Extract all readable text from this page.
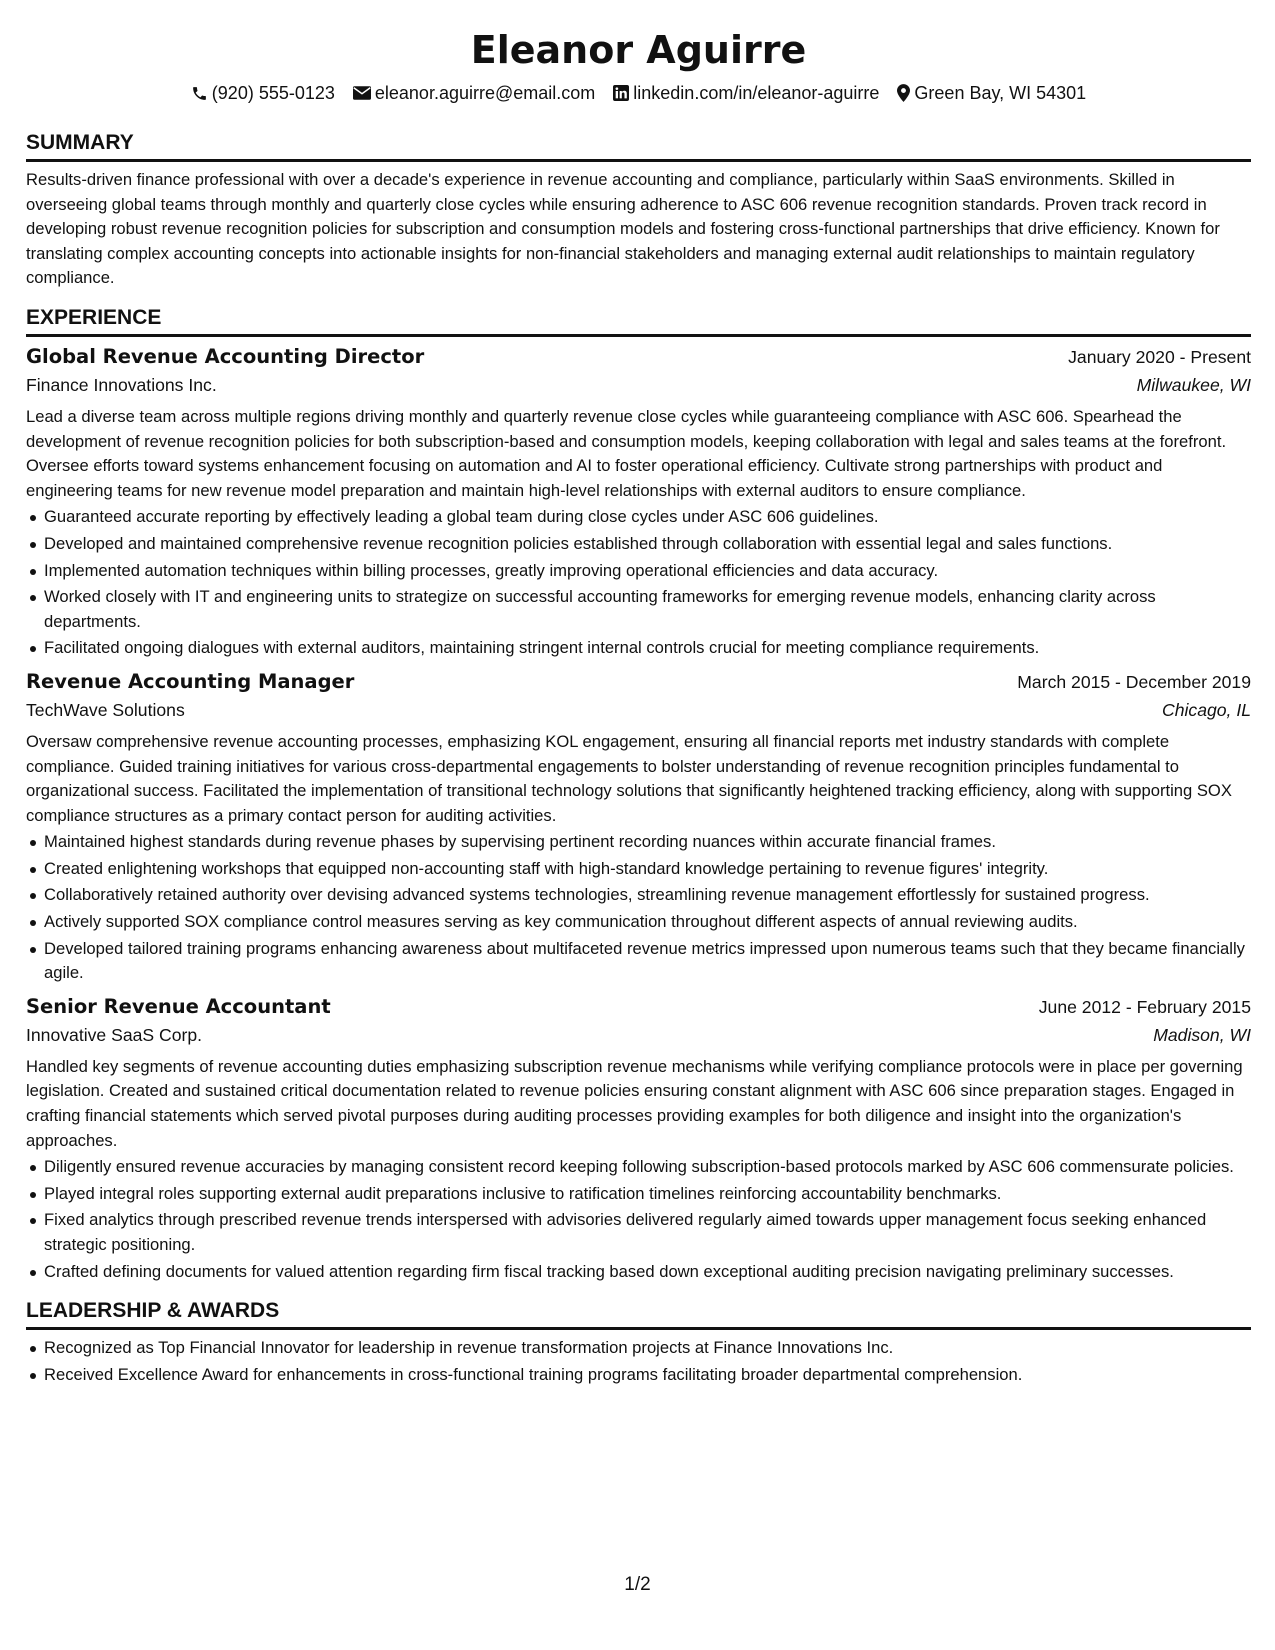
Eleanor Aguirre
(920) 555-0123 eleanor.aguirre@email.com linkedin.com/in/eleanor-aguirre Green Bay, WI 54301
SUMMARY

Results-driven finance professional with over a decade's experience in revenue accounting and compliance, particularly within SaaS environments. Skilled in overseeing global teams through monthly and quarterly close cycles while ensuring adherence to ASC 606 revenue recognition standards. Proven track record in developing robust revenue recognition policies for subscription and consumption models and fostering cross-functional partnerships that drive efficiency. Known for translating complex accounting concepts into actionable insights for non-financial stakeholders and managing external audit relationships to maintain regulatory compliance.

EXPERIENCE
Global Revenue Accounting Director	January 2020 - Present
Finance Innovations Inc.	Milwaukee, WI

Lead a diverse team across multiple regions driving monthly and quarterly revenue close cycles while guaranteeing compliance with ASC 606. Spearhead the development of revenue recognition policies for both subscription-based and consumption models, keeping collaboration with legal and sales teams at the forefront. Oversee efforts toward systems enhancement focusing on automation and AI to foster operational efficiency. Cultivate strong partnerships with product and engineering teams for new revenue model preparation and maintain high-level relationships with external auditors to ensure compliance.

Guaranteed accurate reporting by effectively leading a global team during close cycles under ASC 606 guidelines.
Developed and maintained comprehensive revenue recognition policies established through collaboration with essential legal and sales functions.
Implemented automation techniques within billing processes, greatly improving operational efficiencies and data accuracy.
Worked closely with IT and engineering units to strategize on successful accounting frameworks for emerging revenue models, enhancing clarity across departments.
Facilitated ongoing dialogues with external auditors, maintaining stringent internal controls crucial for meeting compliance requirements.
Revenue Accounting Manager	March 2015 - December 2019
TechWave Solutions	Chicago, IL

Oversaw comprehensive revenue accounting processes, emphasizing KOL engagement, ensuring all financial reports met industry standards with complete compliance. Guided training initiatives for various cross-departmental engagements to bolster understanding of revenue recognition principles fundamental to organizational success. Facilitated the implementation of transitional technology solutions that significantly heightened tracking efficiency, along with supporting SOX compliance structures as a primary contact person for auditing activities.

Maintained highest standards during revenue phases by supervising pertinent recording nuances within accurate financial frames.
Created enlightening workshops that equipped non-accounting staff with high-standard knowledge pertaining to revenue figures' integrity.
Collaboratively retained authority over devising advanced systems technologies, streamlining revenue management effortlessly for sustained progress.
Actively supported SOX compliance control measures serving as key communication throughout different aspects of annual reviewing audits.
Developed tailored training programs enhancing awareness about multifaceted revenue metrics impressed upon numerous teams such that they became financially agile.
Senior Revenue Accountant	June 2012 - February 2015
Innovative SaaS Corp.	Madison, WI

Handled key segments of revenue accounting duties emphasizing subscription revenue mechanisms while verifying compliance protocols were in place per governing legislation. Created and sustained critical documentation related to revenue policies ensuring constant alignment with ASC 606 since preparation stages. Engaged in crafting financial statements which served pivotal purposes during auditing processes providing examples for both diligence and insight into the organization's approaches.

Diligently ensured revenue accuracies by managing consistent record keeping following subscription-based protocols marked by ASC 606 commensurate policies.
Played integral roles supporting external audit preparations inclusive to ratification timelines reinforcing accountability benchmarks.
Fixed analytics through prescribed revenue trends interspersed with advisories delivered regularly aimed towards upper management focus seeking enhanced strategic positioning.
Crafted defining documents for valued attention regarding firm fiscal tracking based down exceptional auditing precision navigating preliminary successes.
LEADERSHIP & AWARDS
Recognized as Top Financial Innovator for leadership in revenue transformation projects at Finance Innovations Inc.
Received Excellence Award for enhancements in cross-functional training programs facilitating broader departmental comprehension.
1/2
